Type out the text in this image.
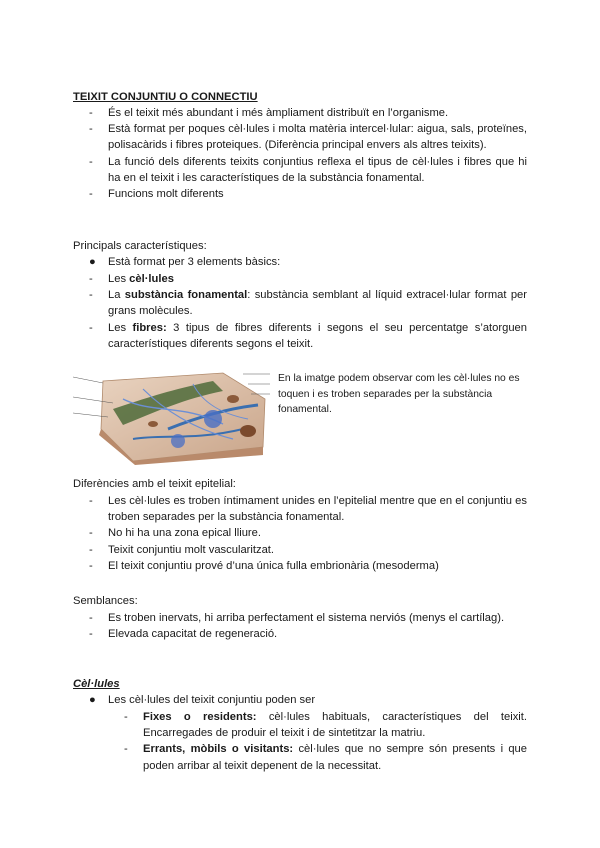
TEIXIT CONJUNTIU O CONNECTIU
- És el teixit més abundant i més àmpliament distribuït en l’organisme.
- Està format per poques cèl·lules i molta matèria intercel·lular: aigua, sals, proteïnes, polisacàrids i fibres proteiques. (Diferència principal envers als altres teixits).
- La funció dels diferents teixits conjuntius reflexa el tipus de cèl·lules i fibres que hi ha en el teixit i les característiques de la substància fonamental.
- Funcions molt diferents
Principals característiques:
● Està format per 3 elements bàsics:
- Les cèl·lules
- La substància fonamental: substància semblant al líquid extracel·lular format per grans molècules.
- Les fibres: 3 tipus de fibres diferents i segons el seu percentatge s’atorguen característiques diferents segons el teixit.
En la imatge podem observar com les cèl·lules no es toquen i es troben separades per la substància fonamental.
Diferències amb el teixit epitelial:
- Les cèl·lules es troben íntimament unides en l’epitelial mentre que en el conjuntiu es troben separades per la substància fonamental.
- No hi ha una zona epical lliure.
- Teixit conjuntiu molt vascularitzat.
- El teixit conjuntiu prové d’una única fulla embrionària (mesoderma)
Semblances:
- Es troben inervats, hi arriba perfectament el sistema nerviós (menys el cartílag).
- Elevada capacitat de regeneració.
Cèl·lules
● Les cèl·lules del teixit conjuntiu poden ser
- Fixes o residents: cèl·lules habituals, característiques del teixit. Encarregades de produir el teixit i de sintetitzar la matriu.
- Errants, mòbils o visitants: cèl·lules que no sempre són presents i que poden arribar al teixit depenent de la necessitat.
